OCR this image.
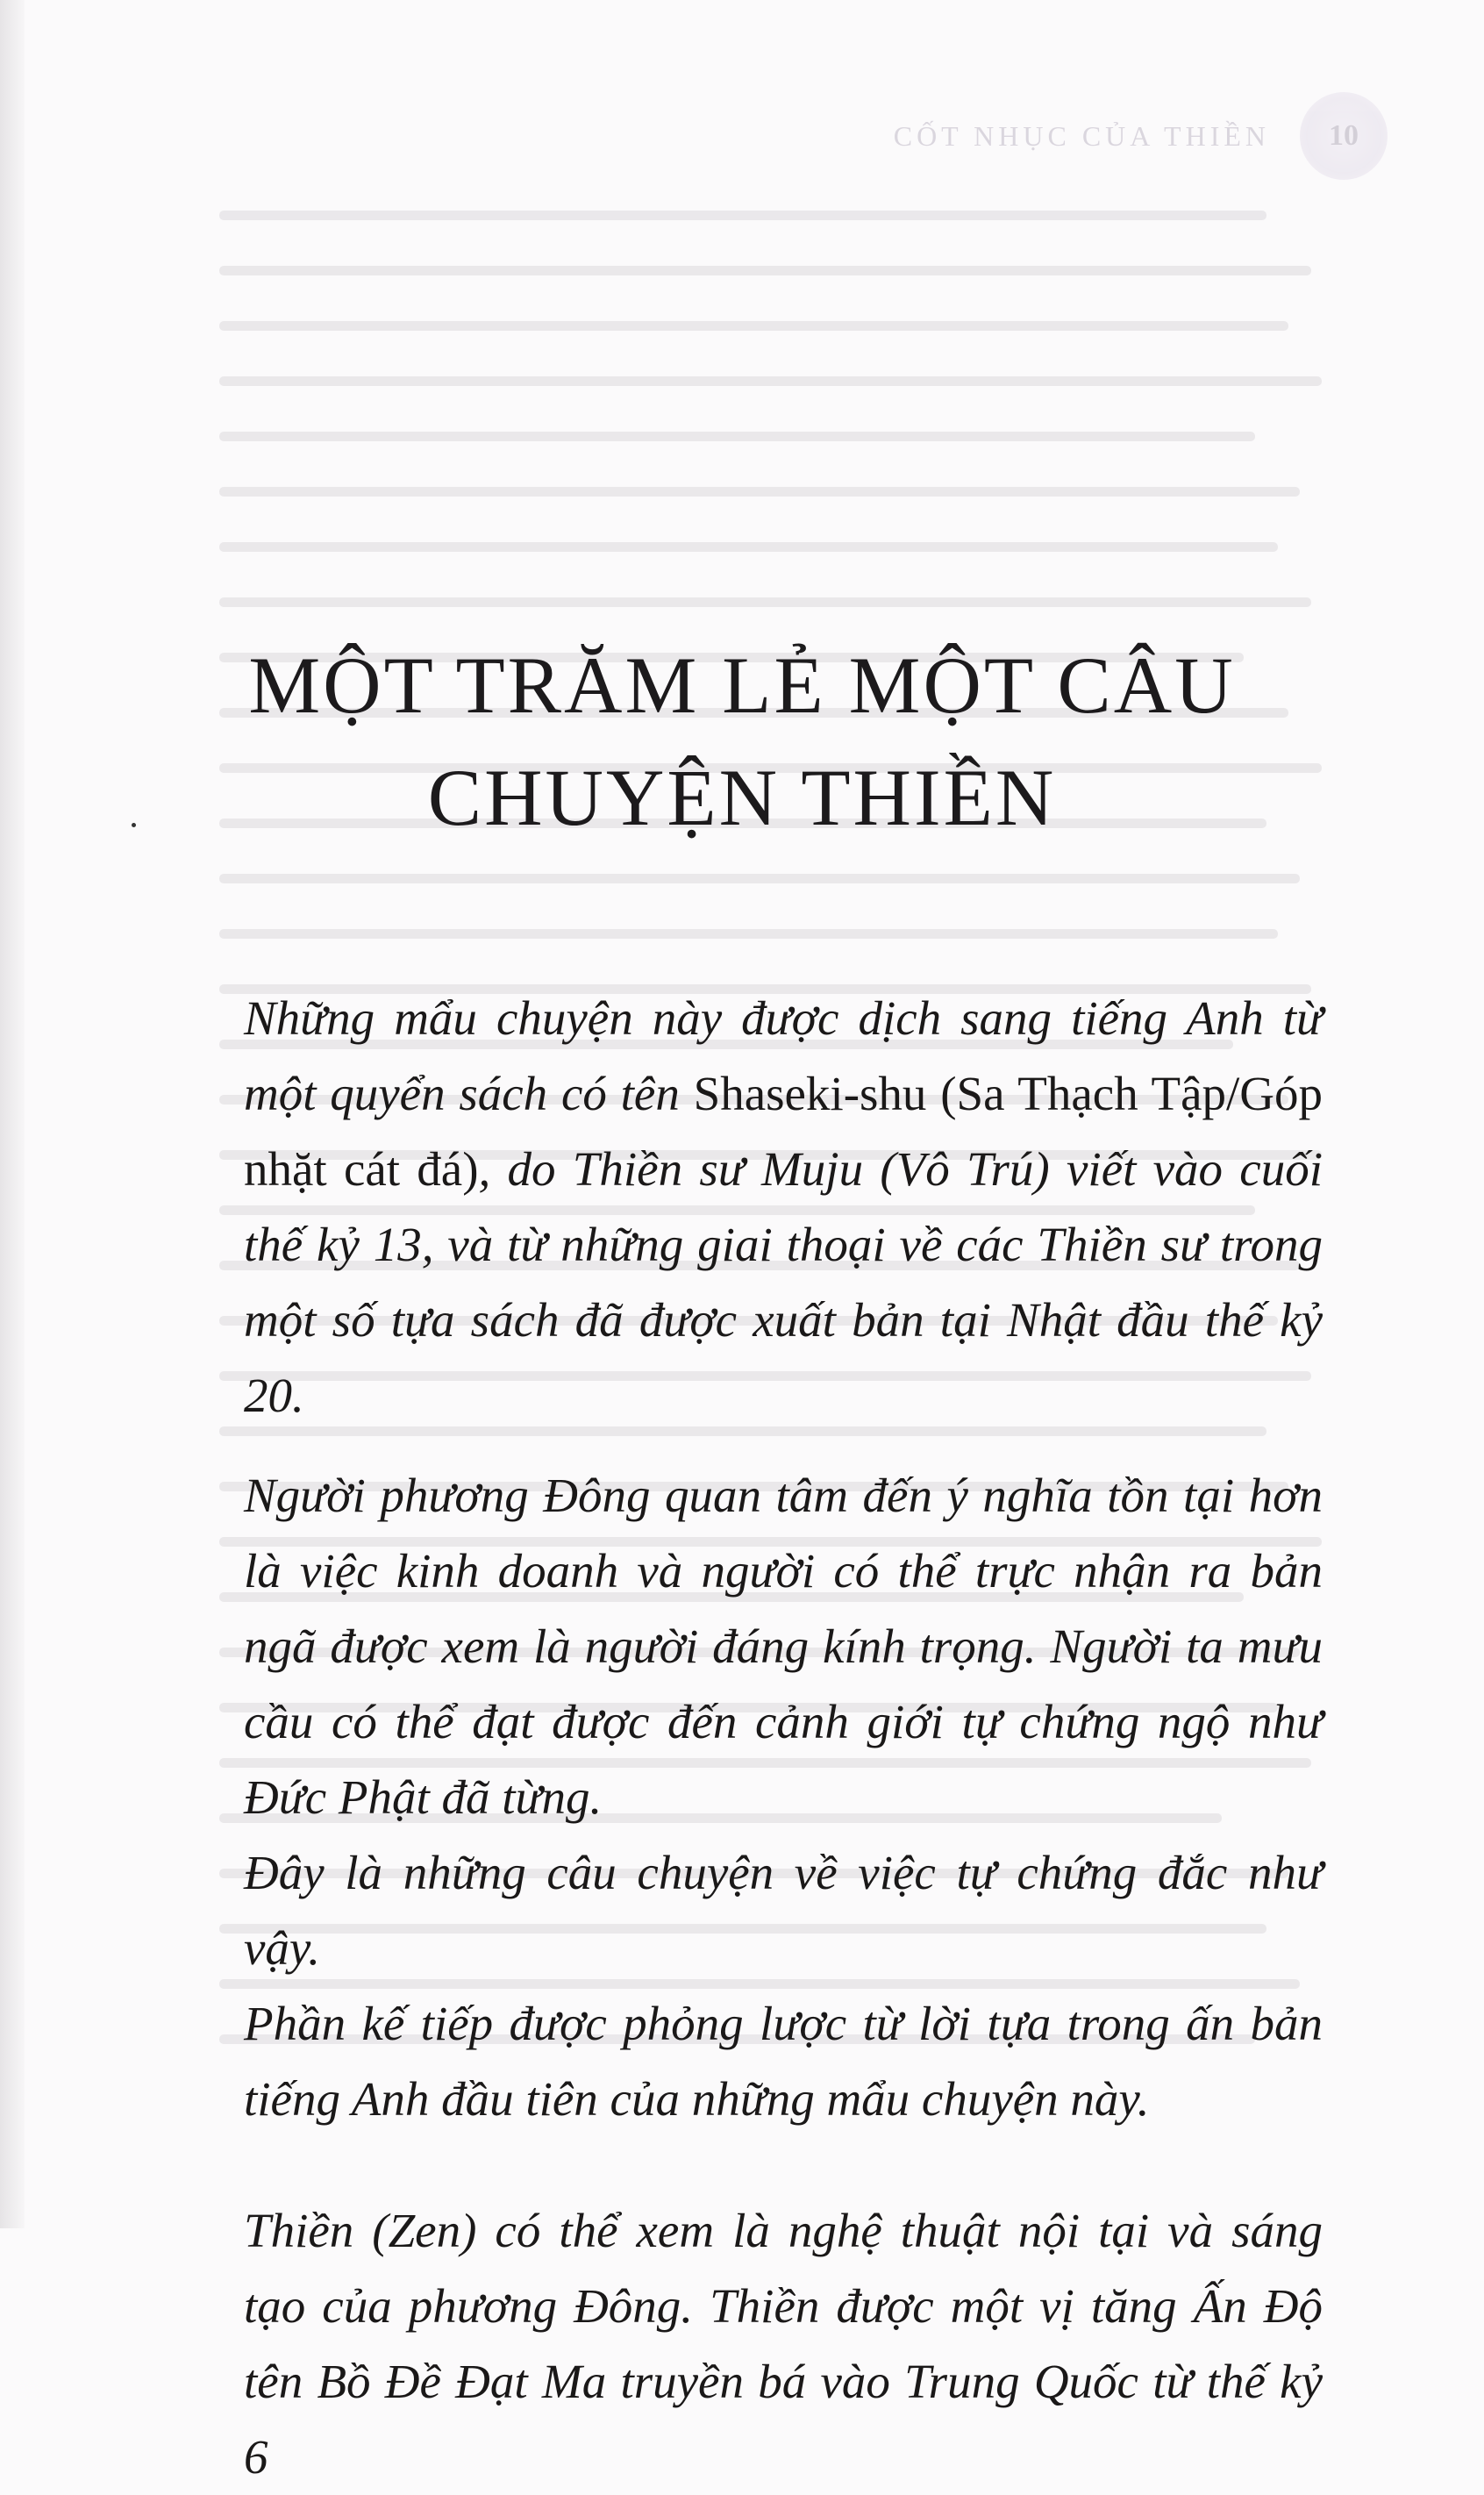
CỐT NHỤC CỦA THIỀN	10
MỘT TRĂM LẺ MỘT CÂU
CHUYỆN THIỀN

Những mẩu chuyện này được dịch sang tiếng Anh từ một quyển sách có tên Shaseki-shu (Sa Thạch Tập/Góp nhặt cát đá), do Thiền sư Muju (Vô Trú) viết vào cuối thế kỷ 13, và từ những giai thoại về các Thiền sư trong một số tựa sách đã được xuất bản tại Nhật đầu thế kỷ 20.

Người phương Đông quan tâm đến ý nghĩa tồn tại hơn là việc kinh doanh và người có thể trực nhận ra bản ngã được xem là người đáng kính trọng. Người ta mưu cầu có thể đạt được đến cảnh giới tự chứng ngộ như Đức Phật đã từng.

Đây là những câu chuyện về việc tự chứng đắc như vậy.

Phần kế tiếp được phỏng lược từ lời tựa trong ấn bản tiếng Anh đầu tiên của những mẩu chuyện này.

Thiền (Zen) có thể xem là nghệ thuật nội tại và sáng tạo của phương Đông. Thiền được một vị tăng Ấn Độ tên Bồ Đề Đạt Ma truyền bá vào Trung Quốc từ thế kỷ 6
